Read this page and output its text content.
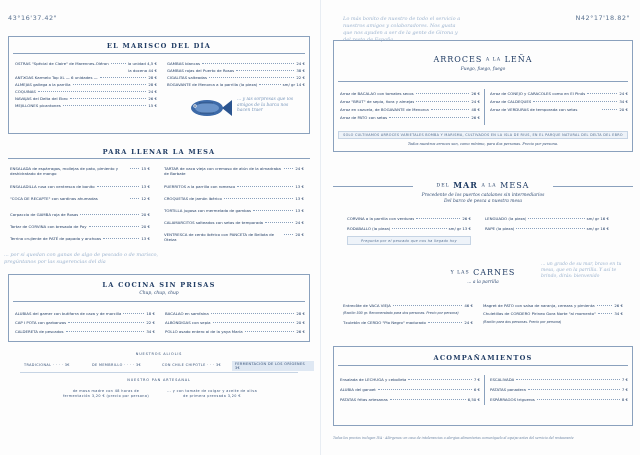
43°16'37.42"
EL MARISCO DEL DÍA
OSTRAS "Spécial de Claire" de Marennes-Oléron	la unidad 4,5 €
la docena 44 €
ANTXOAS Karmelo Top XL — 6 unidades —	28 €
ALMEJAS gallega a la parrilla	28 €
COQUINAS	24 €
NAVAJAS del Delta del Ebro	26 €
MEJILLONES picantones	15 €
GAMBAS blancas	24 €
GAMBAS rojas del Puerto de Rosas	38 €
CIGALITAS salteadas	22 €
BOGAVANTE de Menorca a la parrilla (la pieza)	sm/ gr 14 €
... y las sorpresas que los amigos de la barca nos hacen traer
PARA LLENAR LA MESA
ENSALADA de espárragos, mollejas de pato, pimiento y deshidratado de mango
15 €
ENSALADILLA rusa con ventresca de bonito	13 €
"COCA DE RECAPTE" con sardinas ahumadas	12 €
Carpaccio de GAMBA roja de Rosas	20 €
Tartar de CORVINA con bresaola de Poy	20 €
Terrina crujiente de PATÉ de papada y anchoas	13 €
TARTAR de vaca vieja con cremoso de atún de la almadraba de Barbate
24 €
PUERRITOS a la parrilla con romesco	13 €
CROQUETAS de jamón ibérico	13 €
TORTILLA jugosa con mermelada de gambas	13 €
CALAMARCITOS salteados con setas de temporada	24 €
VENTRESCA de cerdo ibérico con PANCETA de Bellota de Oteiza
20 €
... por si quedan con ganas de algo de pescado o de marisco, pregúntanos por las sugerencias del día
LA COCINA SIN PRISAS
Chup, chup, chup
ALUBIAS del gamer con butifarra de caza y de morcilla	18 €
CAP I POTA con garbanzos	22 €
CALDERETA de pescados	34 €
BACALAO en samfaina	28 €
ALBÓNDIGAS con sepia	20 €
POLLO asado entero al de la yaya María	26 €
NUESTROS ALIOLIS
TRADICIONAL · · · · 3€	DE MEMBRILLO · · · · 3€	CON CHILE CHIPOTLE · · · 3€	FERMENTACIÓN DE LOS ORÍGENES 3€
NUESTRO PAN ARTESANAL
de masa madre con 48 horas de fermentación 3,20 € (precio por persona)
... y con tomate de colgar y aceite de oliva de primera prensada 3,20 €
N42°17'18.82"
Lo más bonito de nuestro de todo el servicio a nuestros amigos y colaboradores. Nos gusta que nos ayuden a ser de la gente de Girona y del resto de España
ARROCES A LA LEÑA
Fuego, fuego, fuego
Arroz de BACALAO con tomates secos	26 €
Arroz "BRUT" de sepia, ñora y almejas	24 €
Arroz en cazuela, de BOGAVANTE de Menorca	48 €
Arroz de PATO con setas	26 €
Arroz de CONEJO y CARACOLES como en El Pinós	24 €
Arroz de CALDEQUES	34 €
Arroz de VERDURAS de temporada con setas	20 €
SOLO CULTIVAMOS ARROCES VARIETALES BOMBA Y MARISMA, CULTIVADOS EN LA ISLA DE RIUS, EN EL PARQUE NATURAL DEL DELTA DEL EBRO
Todos nuestros arroces son, como mínimo, para dos personas. Precio por persona.
DEL MAR A LA MESA
Procedente de los puertos catalanes sin intermediarios
Del barco de pesca a nuestra mesa
CORVINA a la parrilla con verduras	26 €
RODABALLO (la pieza)	sm/ gr 13 €
LENGUADO (la pieza)	sm/ gr 16 €
RAPE (la pieza)	sm/ gr 16 €
Pregunta por el pescado que nos ha llegado hoy
Y LAS CARNES
... a la parrilla
... un grado de su mar, bravo en tu mesa, que en la parrilla. Y así te brindo, dirás: bienvenido
Entrecôte de VACA VIEJA	46 €
(Ración 500 gr. Recomendado para dos personas. Precio por persona)
Txuletón de CERDO "Pio Negro" madurado	24 €
Magret de PATO con salsa de naranja, cerezas y pimienta	26 €
Chuletillas de CORDERO Pirineo Gora Norte "al momento"	34 €
(Ración para dos personas. Precio por persona)
ACOMPAÑAMIENTOS
Ensalada de LECHUGA y cebolleta	7 €
ALUBIA del ganxet	6 €
PATATAS fritas artesanas	6,50 €
ESCALIVADA	7 €
PATATAS panadera	7 €
ESPÁRRAGOS trigueros	8 €
Todos los precios incluyen IVA · Alérgenos: en caso de intolerancias o alergias alimentarias comuníquelo al equipo antes del servicio del restaurante
